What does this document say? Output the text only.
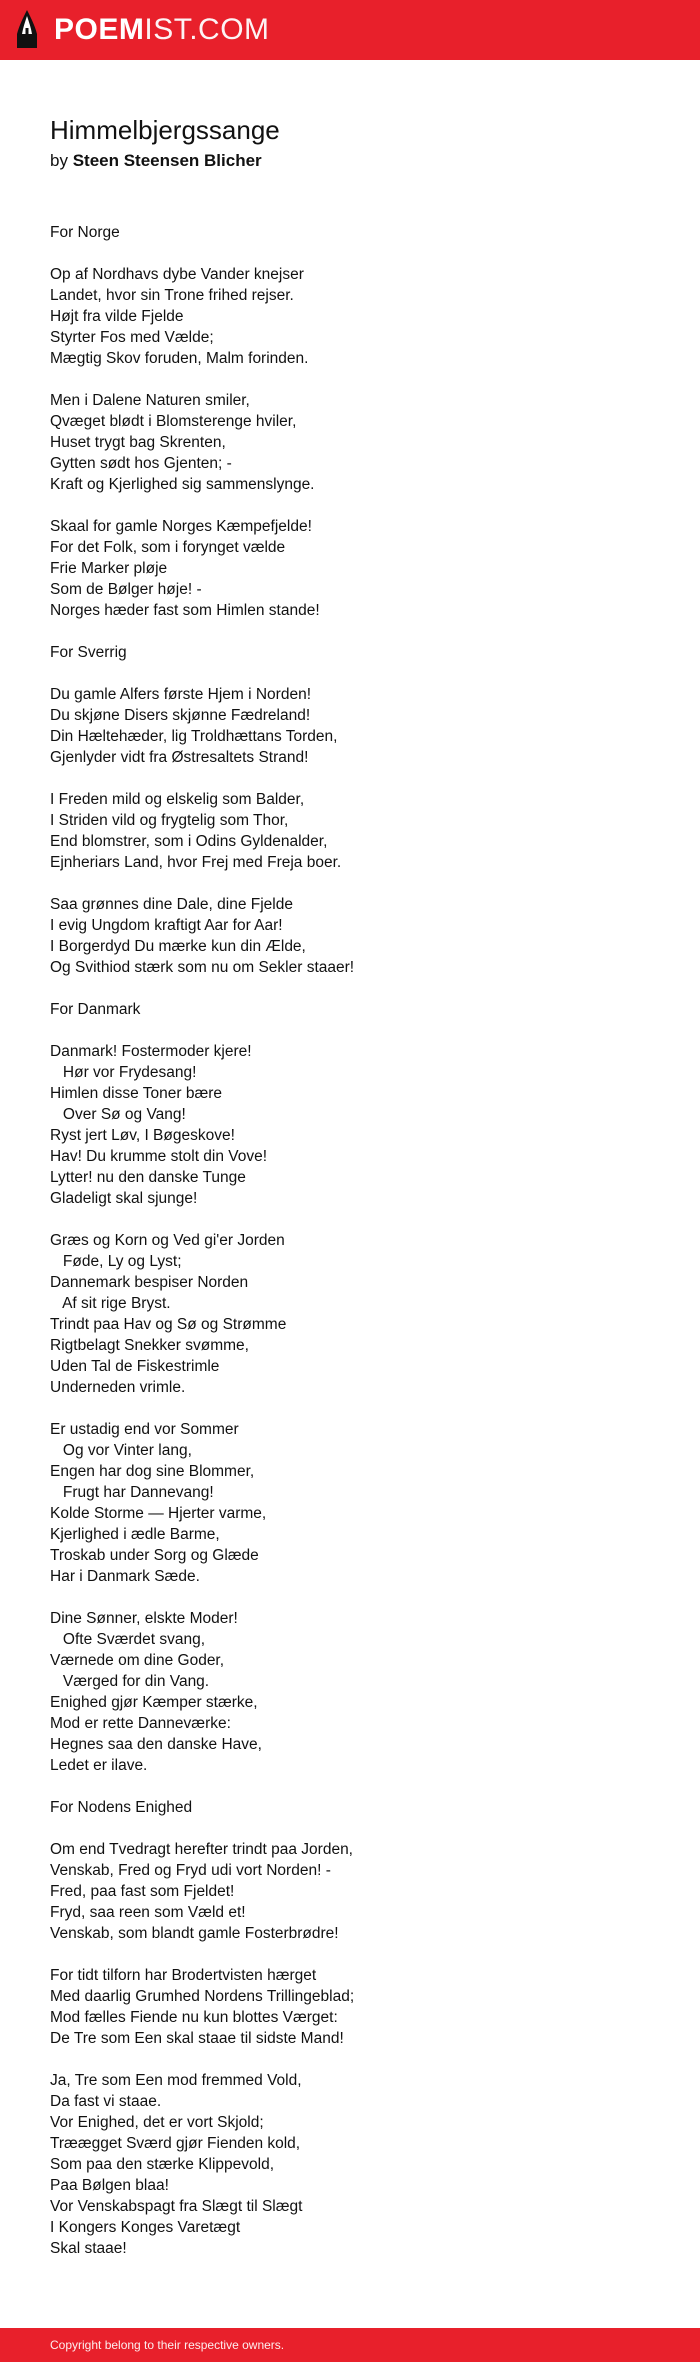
POEMIST.COM
Himmelbjergssange

by Steen Steensen Blicher

For Norge
Op af Nordhavs dybe Vander knejser
Landet, hvor sin Trone frihed rejser.
Højt fra vilde Fjelde
Styrter Fos med Vælde;
Mægtig Skov foruden, Malm forinden.
Men i Dalene Naturen smiler,
Qvæget blødt i Blomsterenge hviler,
Huset trygt bag Skrenten,
Gytten sødt hos Gjenten; -
Kraft og Kjerlighed sig sammenslynge.
Skaal for gamle Norges Kæmpefjelde!
For det Folk, som i forynget vælde
Frie Marker pløje
Som de Bølger høje! -
Norges hæder fast som Himlen stande!
For Sverrig
Du gamle Alfers første Hjem i Norden!
Du skjøne Disers skjønne Fædreland!
Din Hæltehæder, lig Troldhættans Torden,
Gjenlyder vidt fra Østresaltets Strand!
I Freden mild og elskelig som Balder,
I Striden vild og frygtelig som Thor,
End blomstrer, som i Odins Gyldenalder,
Ejnheriars Land, hvor Frej med Freja boer.
Saa grønnes dine Dale, dine Fjelde
I evig Ungdom kraftigt Aar for Aar!
I Borgerdyd Du mærke kun din Ælde,
Og Svithiod stærk som nu om Sekler staaer!
For Danmark
Danmark! Fostermoder kjere!
Hør vor Frydesang!
Himlen disse Toner bære
Over Sø og Vang!
Ryst jert Løv, I Bøgeskove!
Hav! Du krumme stolt din Vove!
Lytter! nu den danske Tunge
Gladeligt skal sjunge!
Græs og Korn og Ved gi'er Jorden
Føde, Ly og Lyst;
Dannemark bespiser Norden
Af sit rige Bryst.
Trindt paa Hav og Sø og Strømme
Rigtbelagt Snekker svømme,
Uden Tal de Fiskestrimle
Underneden vrimle.
Er ustadig end vor Sommer
Og vor Vinter lang,
Engen har dog sine Blommer,
Frugt har Dannevang!
Kolde Storme — Hjerter varme,
Kjerlighed i ædle Barme,
Troskab under Sorg og Glæde
Har i Danmark Sæde.
Dine Sønner, elskte Moder!
Ofte Sværdet svang,
Værnede om dine Goder,
Værged for din Vang.
Enighed gjør Kæmper stærke,
Mod er rette Danneværke:
Hegnes saa den danske Have,
Ledet er ilave.
For Nodens Enighed
Om end Tvedragt herefter trindt paa Jorden,
Venskab, Fred og Fryd udi vort Norden! -
Fred, paa fast som Fjeldet!
Fryd, saa reen som Væld et!
Venskab, som blandt gamle Fosterbrødre!
For tidt tilforn har Brodertvisten hærget
Med daarlig Grumhed Nordens Trillingeblad;
Mod fælles Fiende nu kun blottes Værget:
De Tre som Een skal staae til sidste Mand!
Ja, Tre som Een mod fremmed Vold,
Da fast vi staae.
Vor Enighed, det er vort Skjold;
Træægget Sværd gjør Fienden kold,
Som paa den stærke Klippevold,
Paa Bølgen blaa!
Vor Venskabspagt fra Slægt til Slægt
I Kongers Konges Varetægt
Skal staae!
Copyright belong to their respective owners.
